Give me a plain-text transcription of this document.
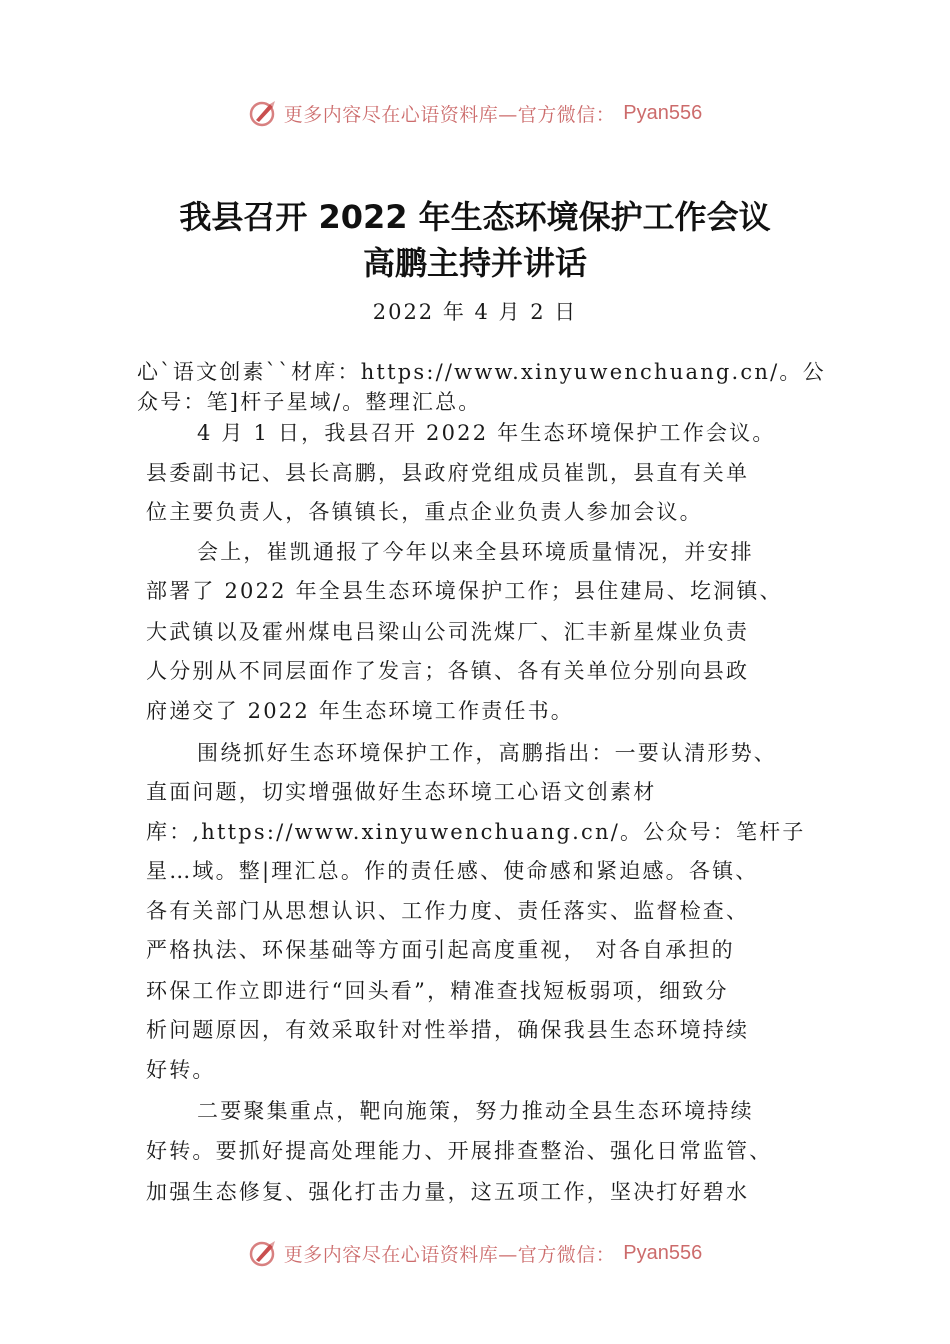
更多内容尽在心语资料库—官方微信： Pyan556
我县召开 2022 年生态环境保护工作会议
高鹏主持并讲话
2022 年 4 月 2 日
心`语文创素``材库：https://www.xinyuwenchuang.cn/。公
众号：笔]杆子星域/。整理汇总。
4 月 1 日，我县召开 2022 年生态环境保护工作会议。
县委副书记、县长高鹏，县政府党组成员崔凯，县直有关单
位主要负责人，各镇镇长，重点企业负责人参加会议。
会上，崔凯通报了今年以来全县环境质量情况，并安排
部署了 2022 年全县生态环境保护工作；县住建局、圪洞镇、
大武镇以及霍州煤电吕梁山公司洗煤厂、汇丰新星煤业负责
人分别从不同层面作了发言；各镇、各有关单位分别向县政
府递交了 2022 年生态环境工作责任书。
围绕抓好生态环境保护工作，高鹏指出：一要认清形势、
直面问题，切实增强做好生态环境工心语文创素材
库：,https://www.xinyuwenchuang.cn/。公众号：笔杆子
星…域。整|理汇总。作的责任感、使命感和紧迫感。各镇、
各有关部门从思想认识、工作力度、责任落实、监督检查、
严格执法、环保基础等方面引起高度重视， 对各自承担的
环保工作立即进行“回头看”，精准查找短板弱项，细致分
析问题原因，有效采取针对性举措，确保我县生态环境持续
好转。
二要聚集重点，靶向施策，努力推动全县生态环境持续
好转。要抓好提高处理能力、开展排查整治、强化日常监管、
加强生态修复、强化打击力量，这五项工作，坚决打好碧水
更多内容尽在心语资料库—官方微信： Pyan556
